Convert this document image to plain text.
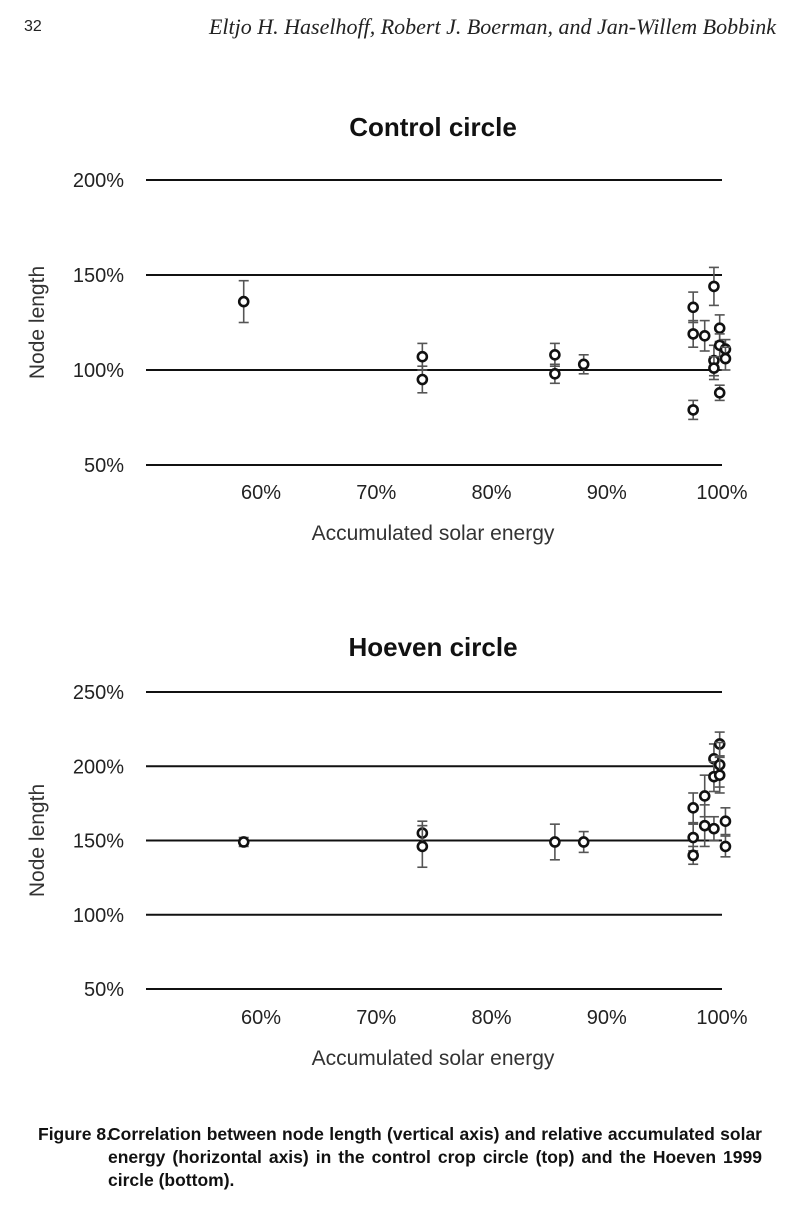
32	Eltjo H. Haselhoff, Robert J. Boerman, and Jan-Willem Bobbink
Control circle
50%
100%
150%
200%
60%	70%	80%	90%	100%
Accumulated solar energy
Node length
Hoeven circle
50%
100%
150%
200%
250%
60%	70%	80%	90%	100%
Accumulated solar energy
Node length
Figure 8.
Correlation between node length (vertical axis) and relative accumulated solar energy (horizontal axis) in the control crop circle (top) and the Hoeven 1999 circle (bottom).
